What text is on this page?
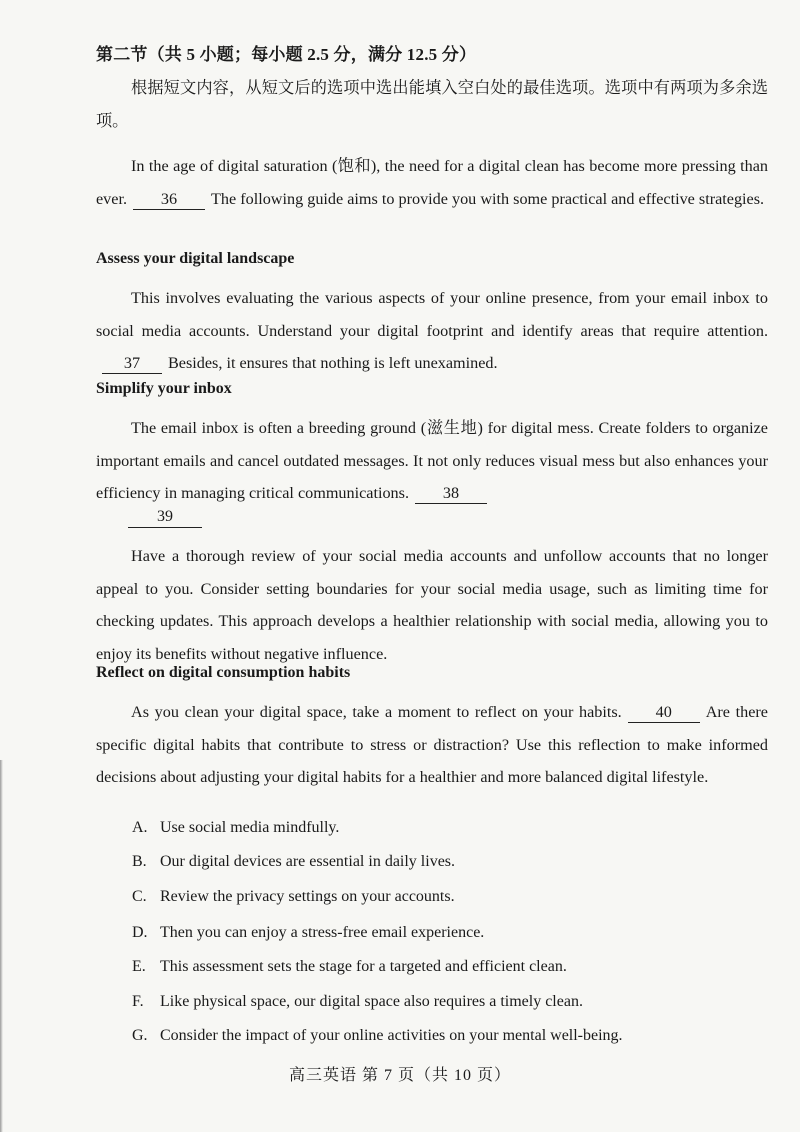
第二节（共 5 小题；每小题 2.5 分，满分 12.5 分）
根据短文内容，从短文后的选项中选出能填入空白处的最佳选项。选项中有两项为多余选项。
In the age of digital saturation (饱和), the need for a digital clean has become more pressing than ever. 36 The following guide aims to provide you with some practical and effective strategies.
Assess your digital landscape
This involves evaluating the various aspects of your online presence, from your email inbox to social media accounts. Understand your digital footprint and identify areas that require attention.37 Besides, it ensures that nothing is left unexamined.
Simplify your inbox
The email inbox is often a breeding ground (滋生地) for digital mess. Create folders to organize important emails and cancel outdated messages. It not only reduces visual mess but also enhances your efficiency in managing critical communications. 38
39
Have a thorough review of your social media accounts and unfollow accounts that no longer appeal to you. Consider setting boundaries for your social media usage, such as limiting time for checking updates. This approach develops a healthier relationship with social media, allowing you to enjoy its benefits without negative influence.
Reflect on digital consumption habits
As you clean your digital space, take a moment to reflect on your habits. 40 Are there specific digital habits that contribute to stress or distraction? Use this reflection to make informed decisions about adjusting your digital habits for a healthier and more balanced digital lifestyle.
A. Use social media mindfully.
B. Our digital devices are essential in daily lives.
C. Review the privacy settings on your accounts.
D. Then you can enjoy a stress-free email experience.
E. This assessment sets the stage for a targeted and efficient clean.
F. Like physical space, our digital space also requires a timely clean.
G. Consider the impact of your online activities on your mental well-being.
高三英语 第 7 页（共 10 页）
